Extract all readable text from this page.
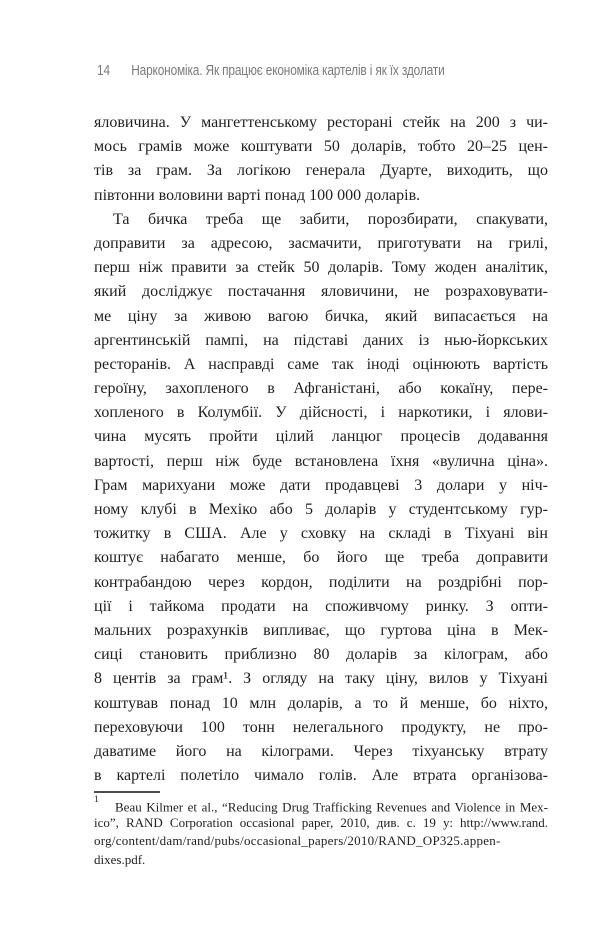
14 Наркономіка. Як працює економіка картелів і як їх здолати
яловичина. У мангеттенському ресторані стейк на 200 з чи-
мось грамів може коштувати 50 доларів, тобто 20–25 цен-
тів за грам. За логікою генерала Дуарте, виходить, що
півтонни воловини варті понад 100 000 доларів.
Та бичка треба ще забити, порозбирати, спакувати,
доправити за адресою, засмачити, приготувати на грилі,
перш ніж правити за стейк 50 доларів. Тому жоден аналітик,
який досліджує постачання яловичини, не розраховувати-
ме ціну за живою вагою бичка, який випасається на
аргентинській пампі, на підставі даних із нью-йоркських
ресторанів. А насправді саме так іноді оцінюють вартість
героїну, захопленого в Афганістані, або кокаїну, пере-
хопленого в Колумбії. У дійсності, і наркотики, і ялови-
чина мусять пройти цілий ланцюг процесів додавання
вартості, перш ніж буде встановлена їхня «вулична ціна».
Грам марихуани може дати продавцеві 3 долари у ніч-
ному клубі в Мехіко або 5 доларів у студентському гур-
тожитку в США. Але у сховку на складі в Тіхуані він
коштує набагато менше, бо його ще треба доправити
контрабандою через кордон, поділити на роздрібні пор-
ції і тайкома продати на споживчому ринку. З опти-
мальних розрахунків випливає, що гуртова ціна в Мек-
сиці становить приблизно 80 доларів за кілограм, або
8 центів за грам¹. З огляду на таку ціну, вилов у Тіхуані
коштував понад 10 млн доларів, а то й менше, бо ніхто,
переховуючи 100 тонн нелегального продукту, не про-
даватиме його на кілограми. Через тіхуанську втрату
в картелі полетіло чимало голів. Але втрата організова-
$^1$ Beau Kilmer et al., “Reducing Drug Trafficking Revenues and Violence in Mex-
ico”, RAND Corporation occasional paper, 2010, див. с. 19 у: http://www.rand.
org/content/dam/rand/pubs/occasional_papers/2010/RAND_OP325.appen-
dixes.pdf.
